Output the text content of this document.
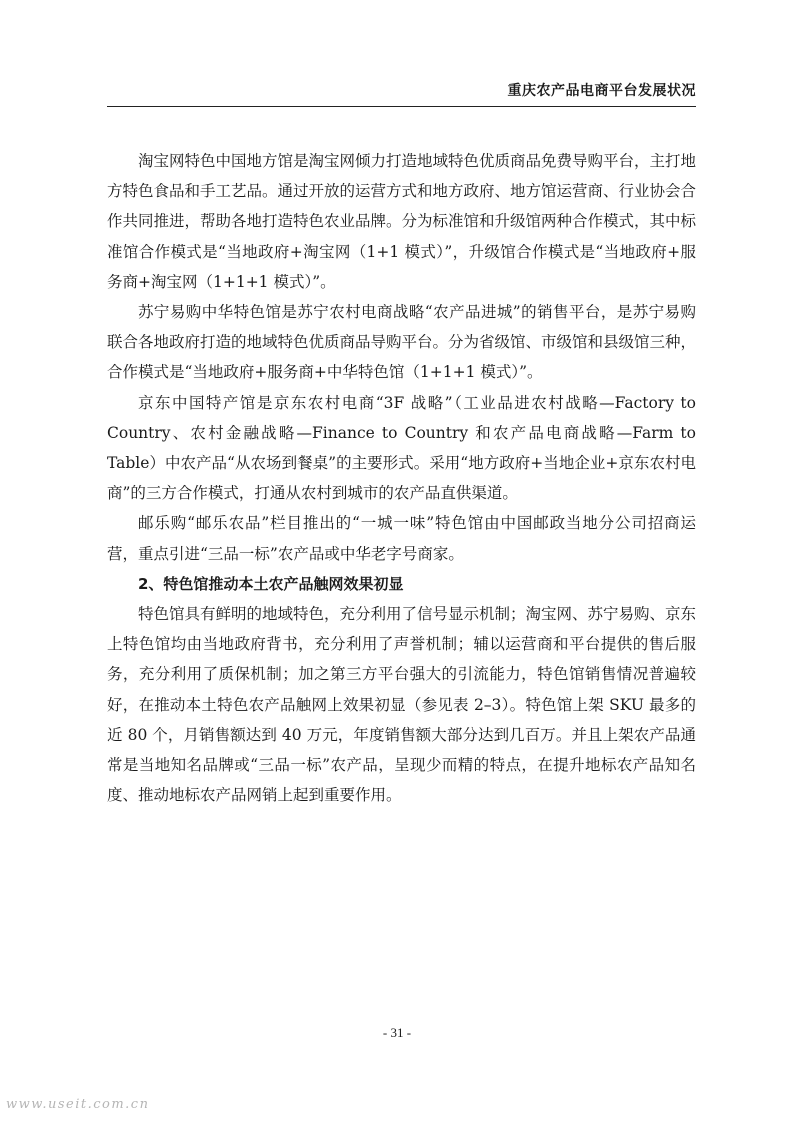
重庆农产品电商平台发展状况

淘宝网特色中国地方馆是淘宝网倾力打造地域特色优质商品免费导购平台，主打地方特色食品和手工艺品。通过开放的运营方式和地方政府、地方馆运营商、行业协会合作共同推进，帮助各地打造特色农业品牌。分为标准馆和升级馆两种合作模式，其中标准馆合作模式是“当地政府+淘宝网（1+1 模式）”，升级馆合作模式是“当地政府+服务商+淘宝网（1+1+1 模式）”。

苏宁易购中华特色馆是苏宁农村电商战略“农产品进城”的销售平台，是苏宁易购联合各地政府打造的地域特色优质商品导购平台。分为省级馆、市级馆和县级馆三种，合作模式是“当地政府+服务商+中华特色馆（1+1+1 模式）”。

京东中国特产馆是京东农村电商“3F 战略”（工业品进农村战略—Factory to Country、农村金融战略—Finance to Country 和农产品电商战略—Farm to Table）中农产品“从农场到餐桌”的主要形式。采用“地方政府+当地企业+京东农村电商”的三方合作模式，打通从农村到城市的农产品直供渠道。

邮乐购“邮乐农品”栏目推出的“一城一味”特色馆由中国邮政当地分公司招商运营，重点引进“三品一标”农产品或中华老字号商家。

2、特色馆推动本土农产品触网效果初显

特色馆具有鲜明的地域特色，充分利用了信号显示机制；淘宝网、苏宁易购、京东上特色馆均由当地政府背书，充分利用了声誉机制；辅以运营商和平台提供的售后服务，充分利用了质保机制；加之第三方平台强大的引流能力，特色馆销售情况普遍较好，在推动本土特色农产品触网上效果初显（参见表 2–3）。特色馆上架 SKU 最多的近 80 个，月销售额达到 40 万元，年度销售额大部分达到几百万。并且上架农产品通常是当地知名品牌或“三品一标”农产品，呈现少而精的特点，在提升地标农产品知名度、推动地标农产品网销上起到重要作用。

- 31 -
www.useit.com.cn
